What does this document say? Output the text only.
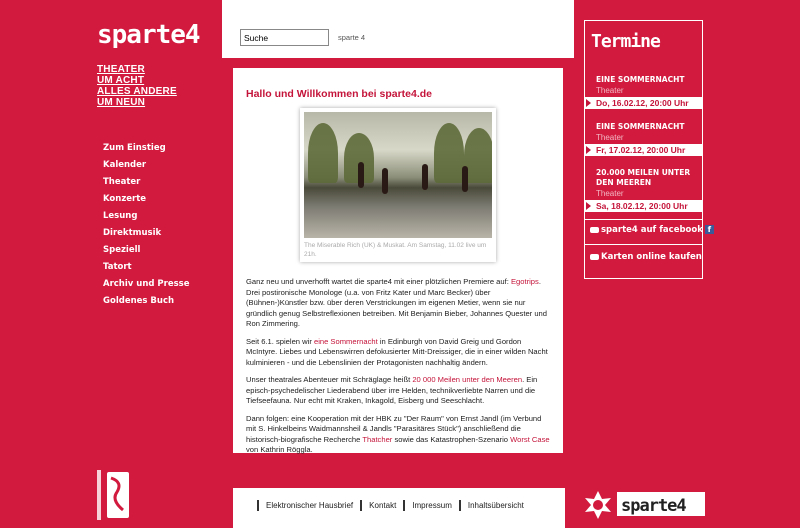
sparte4
THEATER
UM ACHT
ALLES ANDERE
UM NEUN
Zum Einstieg
Kalender
Theater
Konzerte
Lesung
Direktmusik
Speziell
Tatort
Archiv und Presse
Goldenes Buch
Suche
sparte 4
Hallo und Willkommen bei sparte4.de
The Miserable Rich (UK) & Muskat. Am Samstag, 11.02 live um 21h.

Ganz neu und unverhofft wartet die sparte4 mit einer plötzlichen Premiere auf: Egotrips. Drei postironische Monologe (u.a. von Fritz Kater und Marc Becker) über (Bühnen-)Künstler bzw. über deren Verstrickungen im eigenen Metier, wenn sie nur gründlich genug Selbstreflexionen betreiben. Mit Benjamin Bieber, Johannes Quester und Ron Zimmering.

Seit 6.1. spielen wir eine Sommernacht in Edinburgh von David Greig und Gordon McIntyre. Liebes und Lebenswirren defokusierter Mitt-Dreissiger, die in einer wilden Nacht kulminieren - und die Lebenslinien der Protagonisten nachhaltig ändern.

Unser theatrales Abenteuer mit Schräglage heißt 20 000 Meilen unter den Meeren. Ein episch-psychedelischer Liederabend über irre Helden, technikverliebte Narren und die Tiefseefauna. Nur echt mit Kraken, Inkagold, Eisberg und Seeschlacht.

Dann folgen: eine Kooperation mit der HBK zu "Der Raum" von Ernst Jandl (im Verbund mit S. Hinkelbeins Waidmannsheil & Jandls "Parasitäres Stück") anschließend die historisch-biografische Recherche Thatcher sowie das Katastrophen-Szenario Worst Case von Kathrin Röggla.

Termine
EINE SOMMERNACHT
Theater
Do, 16.02.12, 20:00 Uhr
EINE SOMMERNACHT
Theater
Fr, 17.02.12, 20:00 Uhr
20.000 MEILEN UNTER DEN MEEREN
Theater
Sa, 18.02.12, 20:00 Uhr
sparte4 auf facebook f
Karten online kaufen
Elektronischer Hausbrief	Kontakt	Impressum	Inhaltsübersicht	sparte4
